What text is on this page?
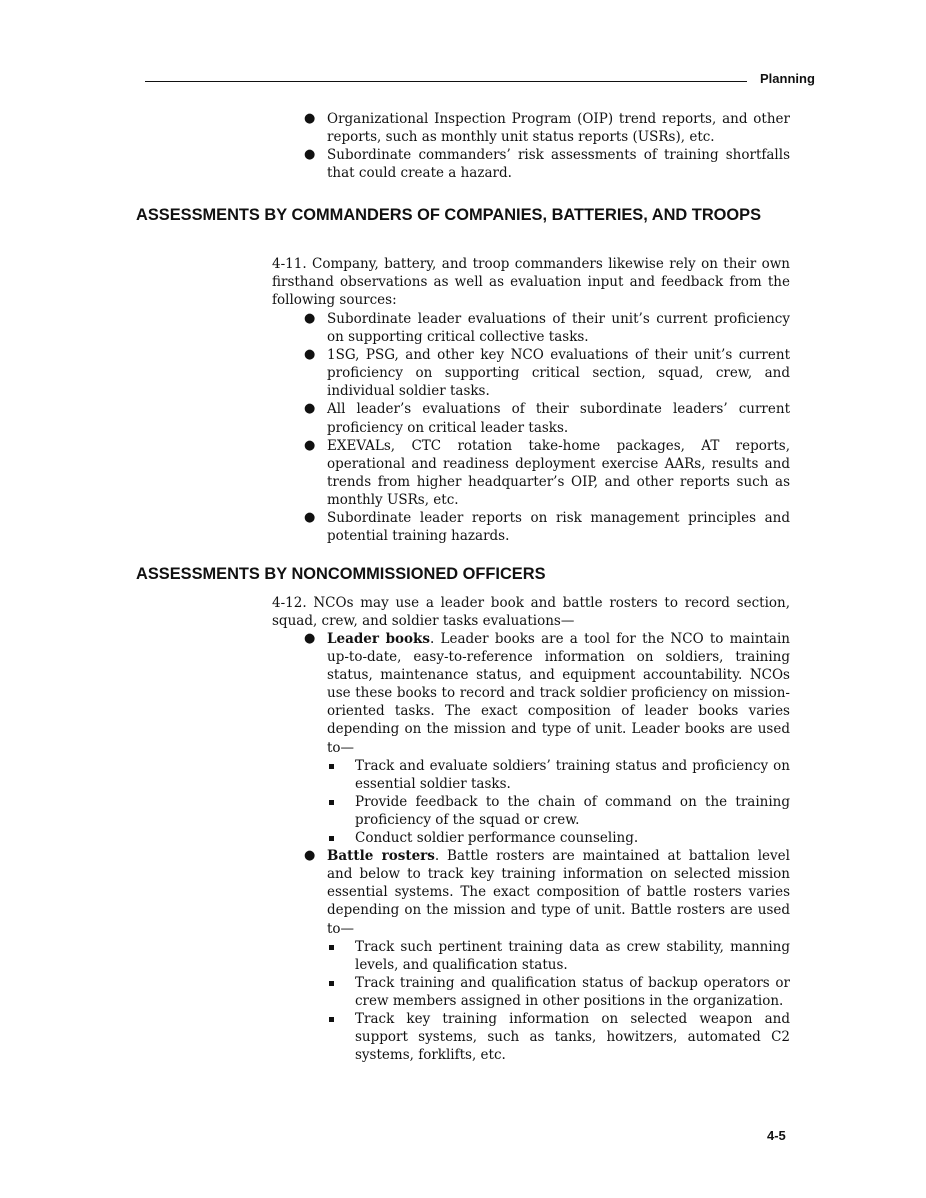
Planning
● Organizational Inspection Program (OIP) trend reports, and other reports, such as monthly unit status reports (USRs), etc.
● Subordinate commanders’ risk assessments of training shortfalls that could create a hazard.
ASSESSMENTS BY COMMANDERS OF COMPANIES, BATTERIES, AND TROOPS

4-11. Company, battery, and troop commanders likewise rely on their own firsthand observations as well as evaluation input and feedback from the following sources:

● Subordinate leader evaluations of their unit’s current proficiency on supporting critical collective tasks.
● 1SG, PSG, and other key NCO evaluations of their unit’s current proficiency on supporting critical section, squad, crew, and individual soldier tasks.
● All leader’s evaluations of their subordinate leaders’ current proficiency on critical leader tasks.
● EXEVALs, CTC rotation take-home packages, AT reports, operational and readiness deployment exercise AARs, results and trends from higher headquarter’s OIP, and other reports such as monthly USRs, etc.
● Subordinate leader reports on risk management principles and potential training hazards.
ASSESSMENTS BY NONCOMMISSIONED OFFICERS

4-12. NCOs may use a leader book and battle rosters to record section, squad, crew, and soldier tasks evaluations—

● Leader books. Leader books are a tool for the NCO to maintain up-to-date, easy-to-reference information on soldiers, training status, maintenance status, and equipment accountability. NCOs use these books to record and track soldier proficiency on mission-oriented tasks. The exact composition of leader books varies depending on the mission and type of unit. Leader books are used to—
Track and evaluate soldiers’ training status and proficiency on essential soldier tasks.
Provide feedback to the chain of command on the training proficiency of the squad or crew.
Conduct soldier performance counseling.
● Battle rosters. Battle rosters are maintained at battalion level and below to track key training information on selected mission essential systems. The exact composition of battle rosters varies depending on the mission and type of unit. Battle rosters are used to—
Track such pertinent training data as crew stability, manning levels, and qualification status.
Track training and qualification status of backup operators or crew members assigned in other positions in the organization.
Track key training information on selected weapon and support systems, such as tanks, howitzers, automated C2 systems, forklifts, etc.
4-5
